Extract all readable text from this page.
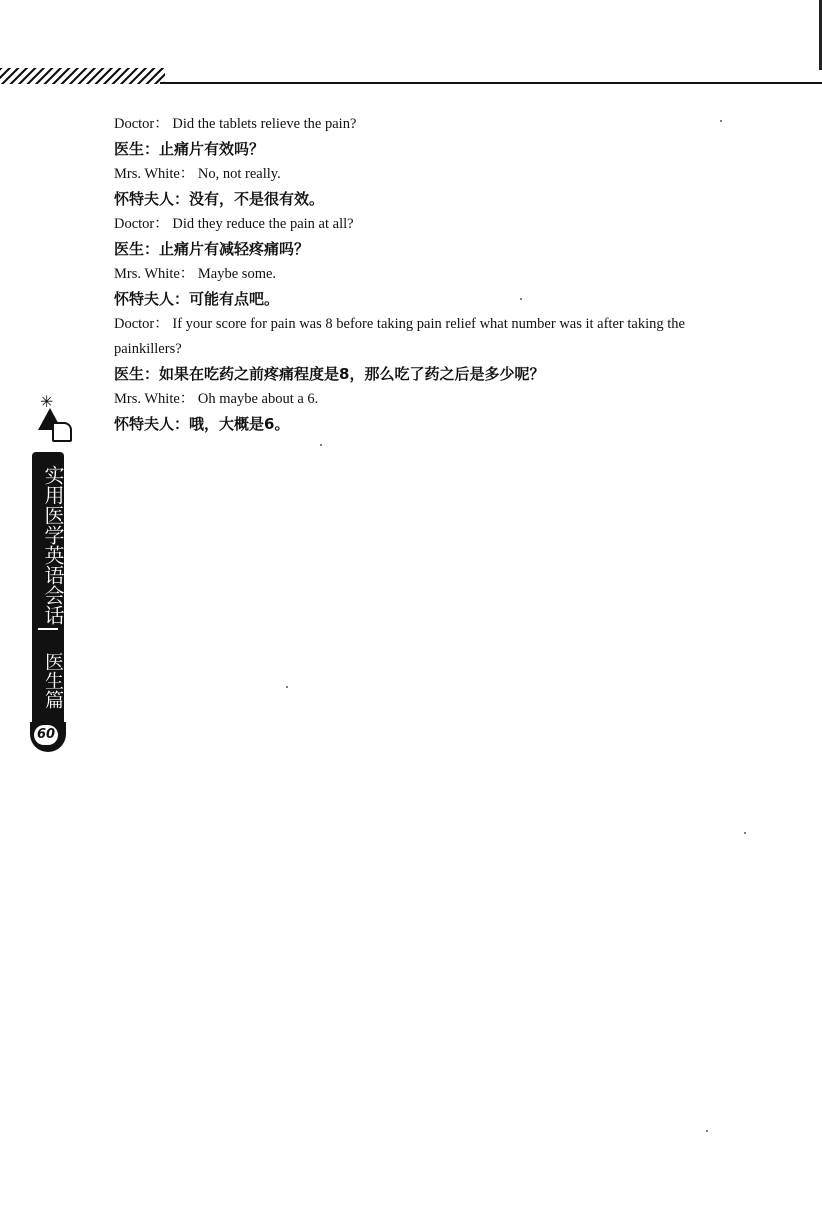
Doctor： Did the tablets relieve the pain?
医生：止痛片有效吗？
Mrs. White： No, not really.
怀特夫人：没有，不是很有效。
Doctor： Did they reduce the pain at all?
医生：止痛片有减轻疼痛吗？
Mrs. White： Maybe some.
怀特夫人：可能有点吧。
Doctor： If your score for pain was 8 before taking pain relief what number was it after taking the painkillers?
医生：如果在吃药之前疼痛程度是8，那么吃了药之后是多少呢？
Mrs. White： Oh maybe about a 6.
怀特夫人：哦，大概是6。
✳
实用医学英语会话
医生篇
60
